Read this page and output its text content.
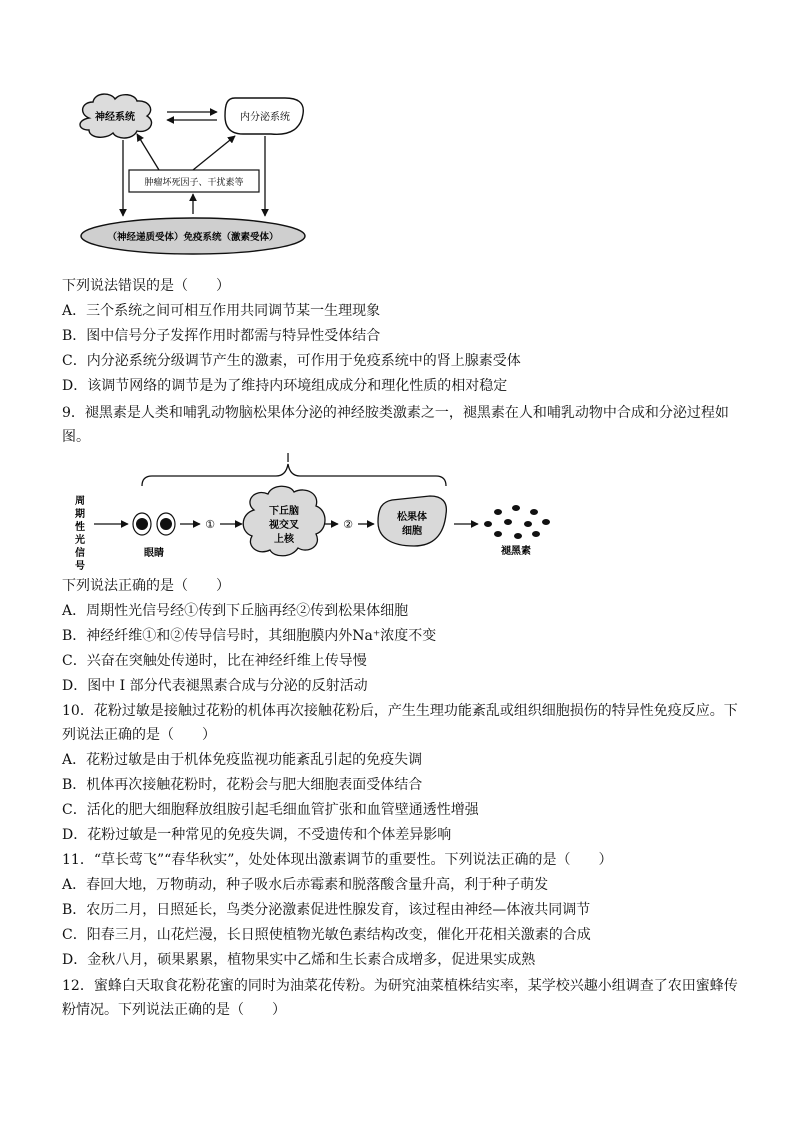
神经系统	内分泌系统
肿瘤坏死因子、干扰素等
（神经递质受体）免疫系统（激素受体）
下列说法错误的是（　　）
A．三个系统之间可相互作用共同调节某一生理现象
B．图中信号分子发挥作用时都需与特异性受体结合
C．内分泌系统分级调节产生的激素，可作用于免疫系统中的肾上腺素受体
D．该调节网络的调节是为了维持内环境组成成分和理化性质的相对稳定
9．褪黑素是人类和哺乳动物脑松果体分泌的神经胺类激素之一，褪黑素在人和哺乳动物中合成和分泌过程如
图。
I
周
期
性
光
信
号
眼睛
①
下丘脑
视交叉
上核
②
松果体
细胞
褪黑素
下列说法正确的是（　　）
A．周期性光信号经①传到下丘脑再经②传到松果体细胞
B．神经纤维①和②传导信号时，其细胞膜内外Na⁺浓度不变
C．兴奋在突触处传递时，比在神经纤维上传导慢
D．图中 I 部分代表褪黑素合成与分泌的反射活动
10．花粉过敏是接触过花粉的机体再次接触花粉后，产生生理功能紊乱或组织细胞损伤的特异性免疫反应。下
列说法正确的是（　　）
A．花粉过敏是由于机体免疫监视功能紊乱引起的免疫失调
B．机体再次接触花粉时，花粉会与肥大细胞表面受体结合
C．活化的肥大细胞释放组胺引起毛细血管扩张和血管壁通透性增强
D．花粉过敏是一种常见的免疫失调，不受遗传和个体差异影响
11．“草长莺飞”“春华秋实”，处处体现出激素调节的重要性。下列说法正确的是（　　）
A．春回大地，万物萌动，种子吸水后赤霉素和脱落酸含量升高，利于种子萌发
B．农历二月，日照延长，鸟类分泌激素促进性腺发育，该过程由神经—体液共同调节
C．阳春三月，山花烂漫，长日照使植物光敏色素结构改变，催化开花相关激素的合成
D．金秋八月，硕果累累，植物果实中乙烯和生长素合成增多，促进果实成熟
12．蜜蜂白天取食花粉花蜜的同时为油菜花传粉。为研究油菜植株结实率，某学校兴趣小组调查了农田蜜蜂传
粉情况。下列说法正确的是（　　）
